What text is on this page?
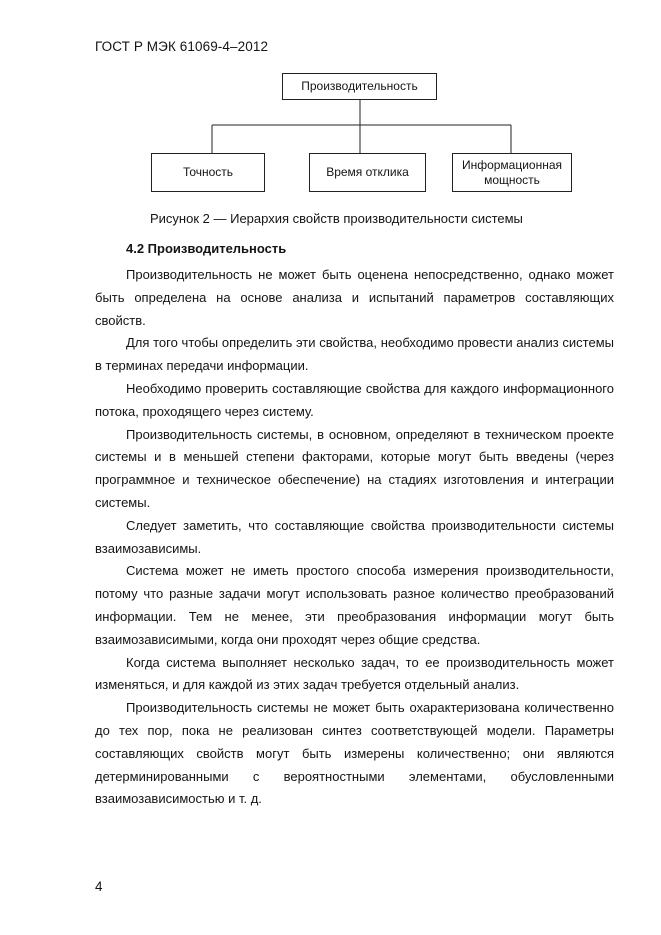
ГОСТ Р МЭК 61069-4–2012
Производительность
Точность	Время отклика
Информационная мощность
Рисунок 2 — Иерархия свойств производительности системы
4.2 Производительность

Производительность не может быть оценена непосредственно, однако может быть определена на основе анализа и испытаний параметров составляющих свойств.

Для того чтобы определить эти свойства, необходимо провести анализ системы в терминах передачи информации.

Необходимо проверить составляющие свойства для каждого информационного потока, проходящего через систему.

Производительность системы, в основном, определяют в техническом проекте системы и в меньшей степени факторами, которые могут быть введены (через программное и техническое обеспечение) на стадиях изготовления и интеграции системы.

Следует заметить, что составляющие свойства производительности системы взаимозависимы.

Система может не иметь простого способа измерения производительности, потому что разные задачи могут использовать разное количество преобразований информации. Тем не менее, эти преобразования информации могут быть взаимозависимыми, когда они проходят через общие средства.

Когда система выполняет несколько задач, то ее производительность может изменяться, и для каждой из этих задач требуется отдельный анализ.

Производительность системы не может быть охарактеризована количественно до тех пор, пока не реализован синтез соответствующей модели. Параметры составляющих свойств могут быть измерены количественно; они являются детерминированными с вероятностными элементами, обусловленными взаимозависимостью и т. д.

4
